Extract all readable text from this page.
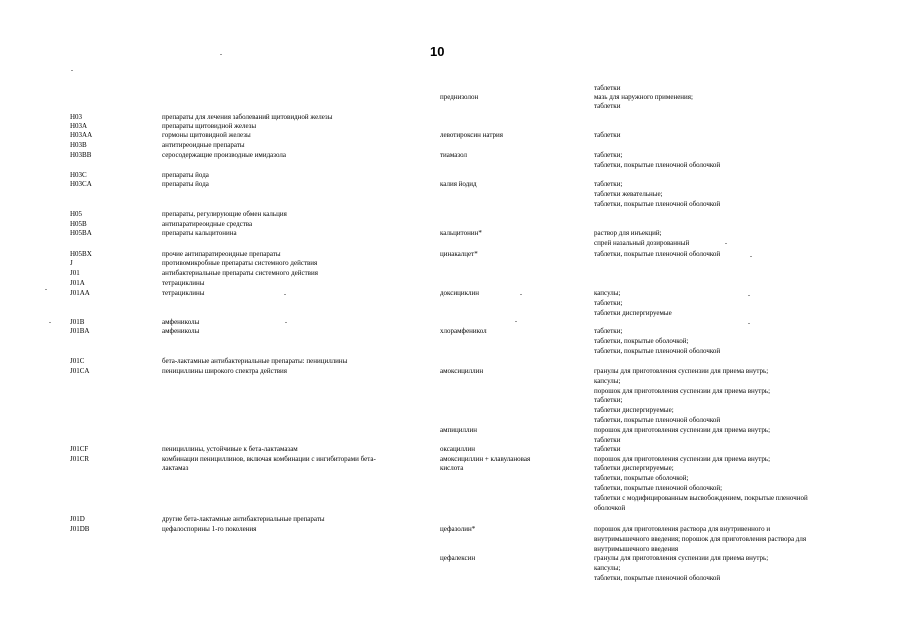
10
таблетки
преднизолон	мазь для наружного применения;
таблетки
H03	препараты для лечения заболеваний щитовидной железы
H03A	препараты щитовидной железы
H03AA	гормоны щитовидной железы	левотироксин натрия	таблетки
H03B	антитиреоидные препараты
H03BB	серосодержащие производные имидазола	тиамазол	таблетки;
таблетки, покрытые пленочной оболочкой
H03C	препараты йода
H03CA	препараты йода	калия йодид	таблетки;
таблетки жевательные;
таблетки, покрытые пленочной оболочкой
H05	препараты, регулирующие обмен кальция
H05B	антипаратиреоидные средства
H05BA	препараты кальцитонина	кальцитонин*	раствор для инъекций;
спрей назальный дозированный
H05BX	прочие антипаратиреоидные препараты	цинакалцет*	таблетки, покрытые пленочной оболочкой
J	противомикробные препараты системного действия
J01	антибактериальные препараты системного действия
J01A	тетрациклины
J01AA	тетрациклины	доксициклин	капсулы;
таблетки;
таблетки диспергируемые
J01B	амфениколы
J01BA	амфениколы	хлорамфеникол	таблетки;
таблетки, покрытые оболочкой;
таблетки, покрытые пленочной оболочкой
J01C	бета-лактамные антибактериальные препараты: пенициллины
J01CA	пенициллины широкого спектра действия	амоксициллин	гранулы для приготовления суспензии для приема внутрь;
капсулы;
порошок для приготовления суспензии для приема внутрь;
таблетки;
таблетки диспергируемые;
таблетки, покрытые пленочной оболочкой
ампициллин	порошок для приготовления суспензии для приема внутрь;
таблетки
J01CF	пенициллины, устойчивые к бета-лактамазам	оксациллин	таблетки
J01CR	комбинации пенициллинов, включая комбинации с ингибиторами бета-	амоксициллин + клавулановая	порошок для приготовления суспензии для приема внутрь;
лактамаз	кислота	таблетки диспергируемые;
таблетки, покрытые оболочкой;
таблетки, покрытые пленочной оболочкой;
таблетки с модифицированным высвобождением, покрытые пленочной
оболочкой
J01D	другие бета-лактамные антибактериальные препараты
J01DB	цефалоспорины 1-го поколения	цефазолин*	порошок для приготовления раствора для внутривенного и
внутримышечного введения; порошок для приготовления раствора для
внутримышечного введения
цефалексин	гранулы для приготовления суспензии для приема внутрь;
капсулы;
таблетки, покрытые пленочной оболочкой
